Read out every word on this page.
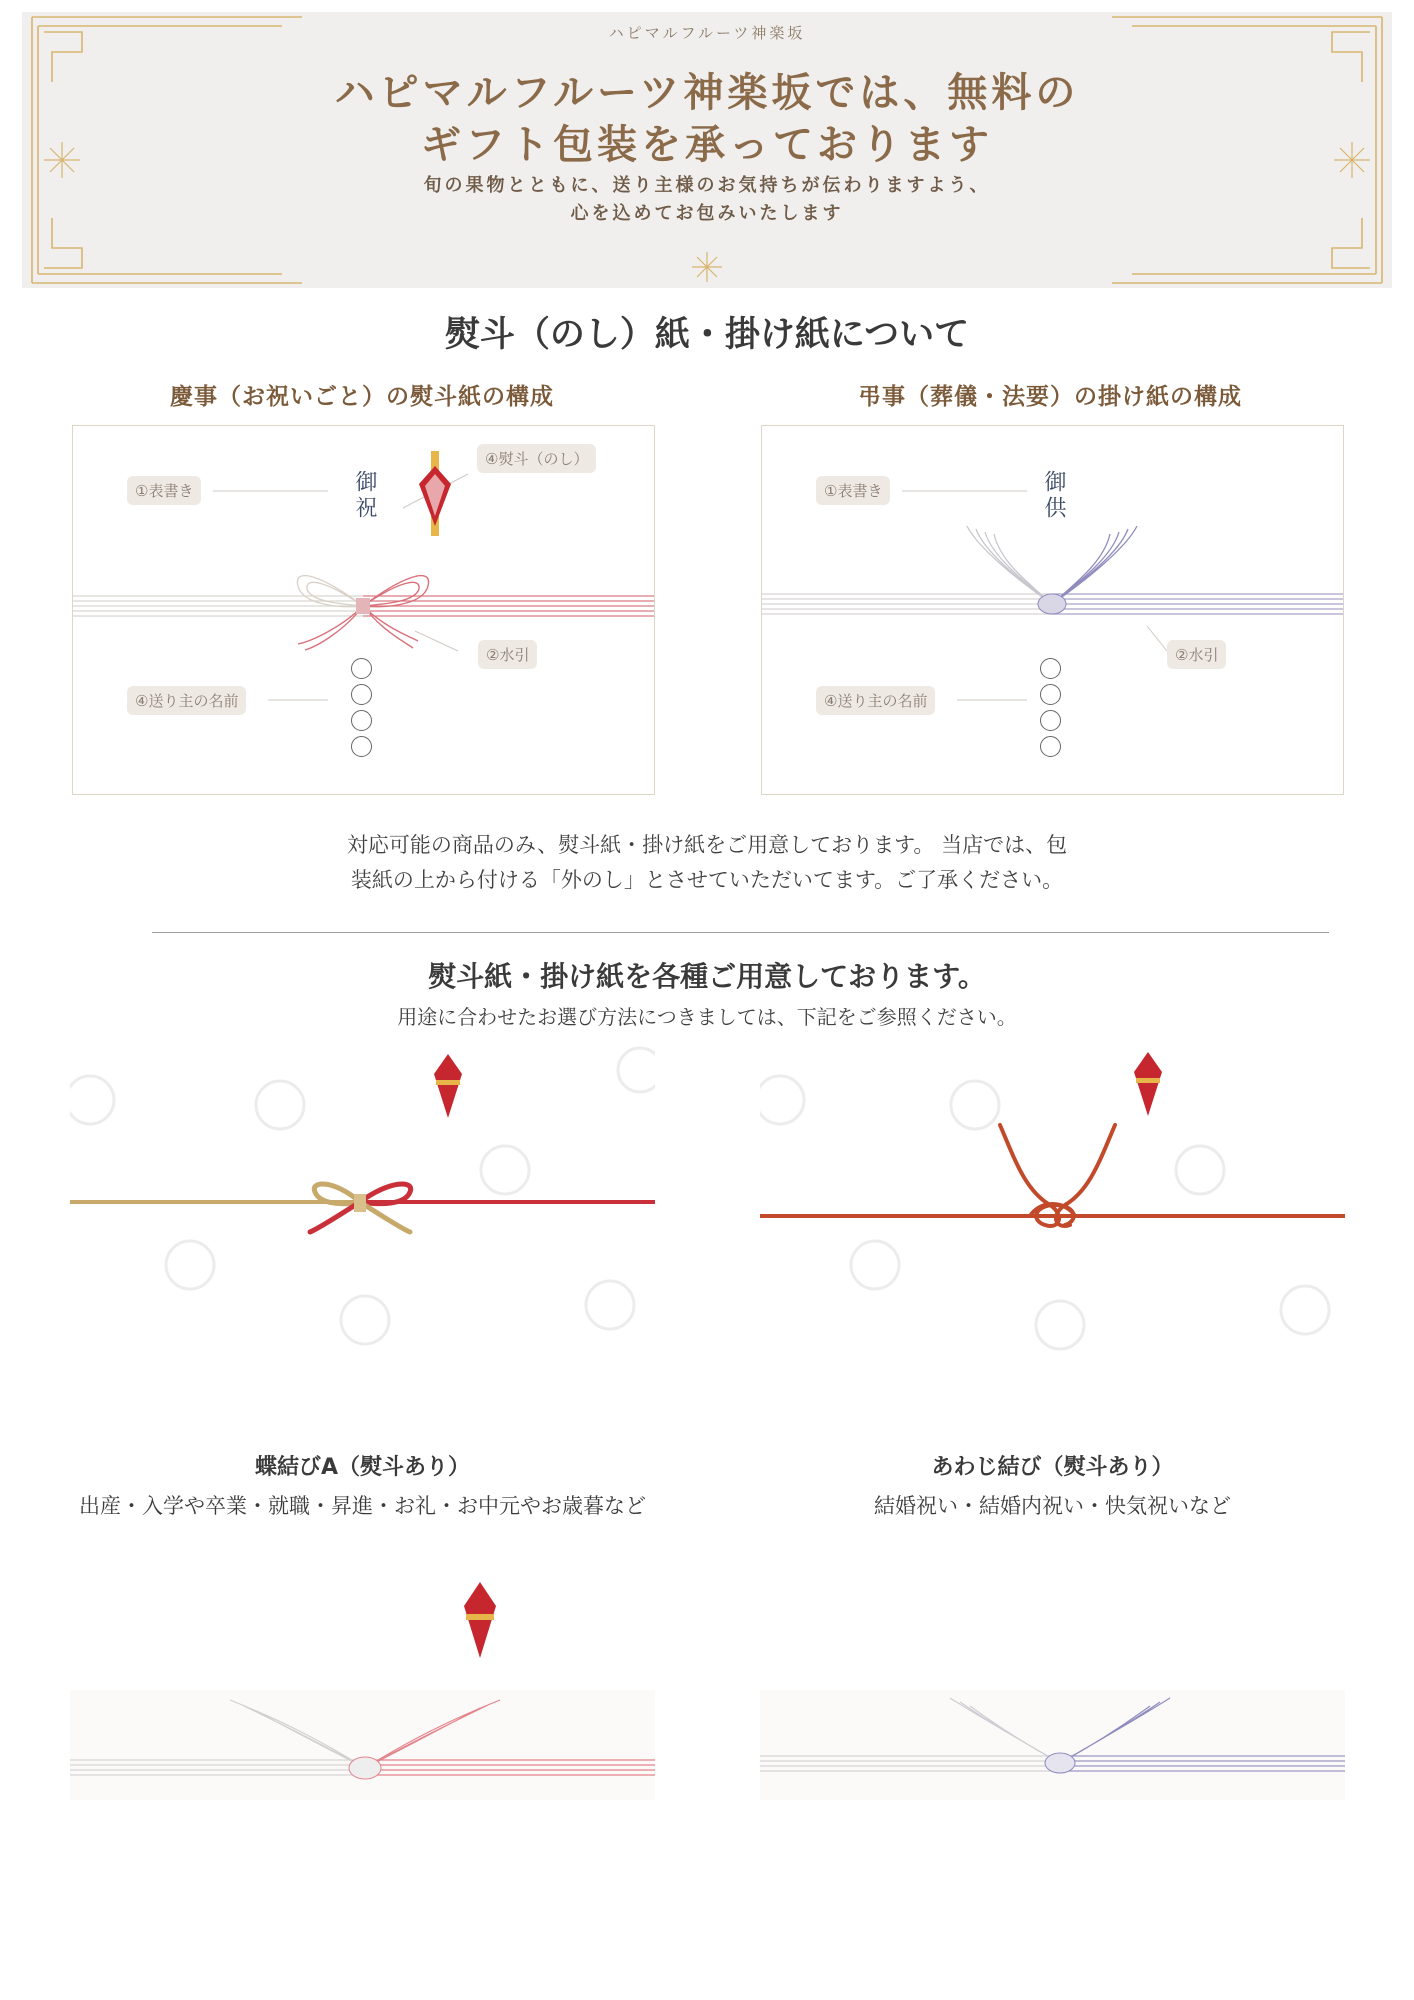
ハピマルフルーツ神楽坂
ハピマルフルーツ神楽坂では、無料の
ギフト包装を承っております
旬の果物とともに、送り主様のお気持ちが伝わりますよう、
心を込めてお包みいたします
熨斗（のし）紙・掛け紙について
慶事（お祝いごと）の熨斗紙の構成	弔事（葬儀・法要）の掛け紙の構成
①表書き
④熨斗（のし）
②水引
④送り主の名前
御祝	①表書き
②水引
④送り主の名前
御供
対応可能の商品のみ、熨斗紙・掛け紙をご用意しております。 当店では、包
装紙の上から付ける「外のし」とさせていただいてます。ご了承ください。
熨斗紙・掛け紙を各種ご用意しております。
用途に合わせたお選び方法につきましては、下記をご参照ください。
蝶結びA（熨斗あり）
出産・入学や卒業・就職・昇進・お礼・お中元やお歳暮など
あわじ結び（熨斗あり）
結婚祝い・結婚内祝い・快気祝いなど
